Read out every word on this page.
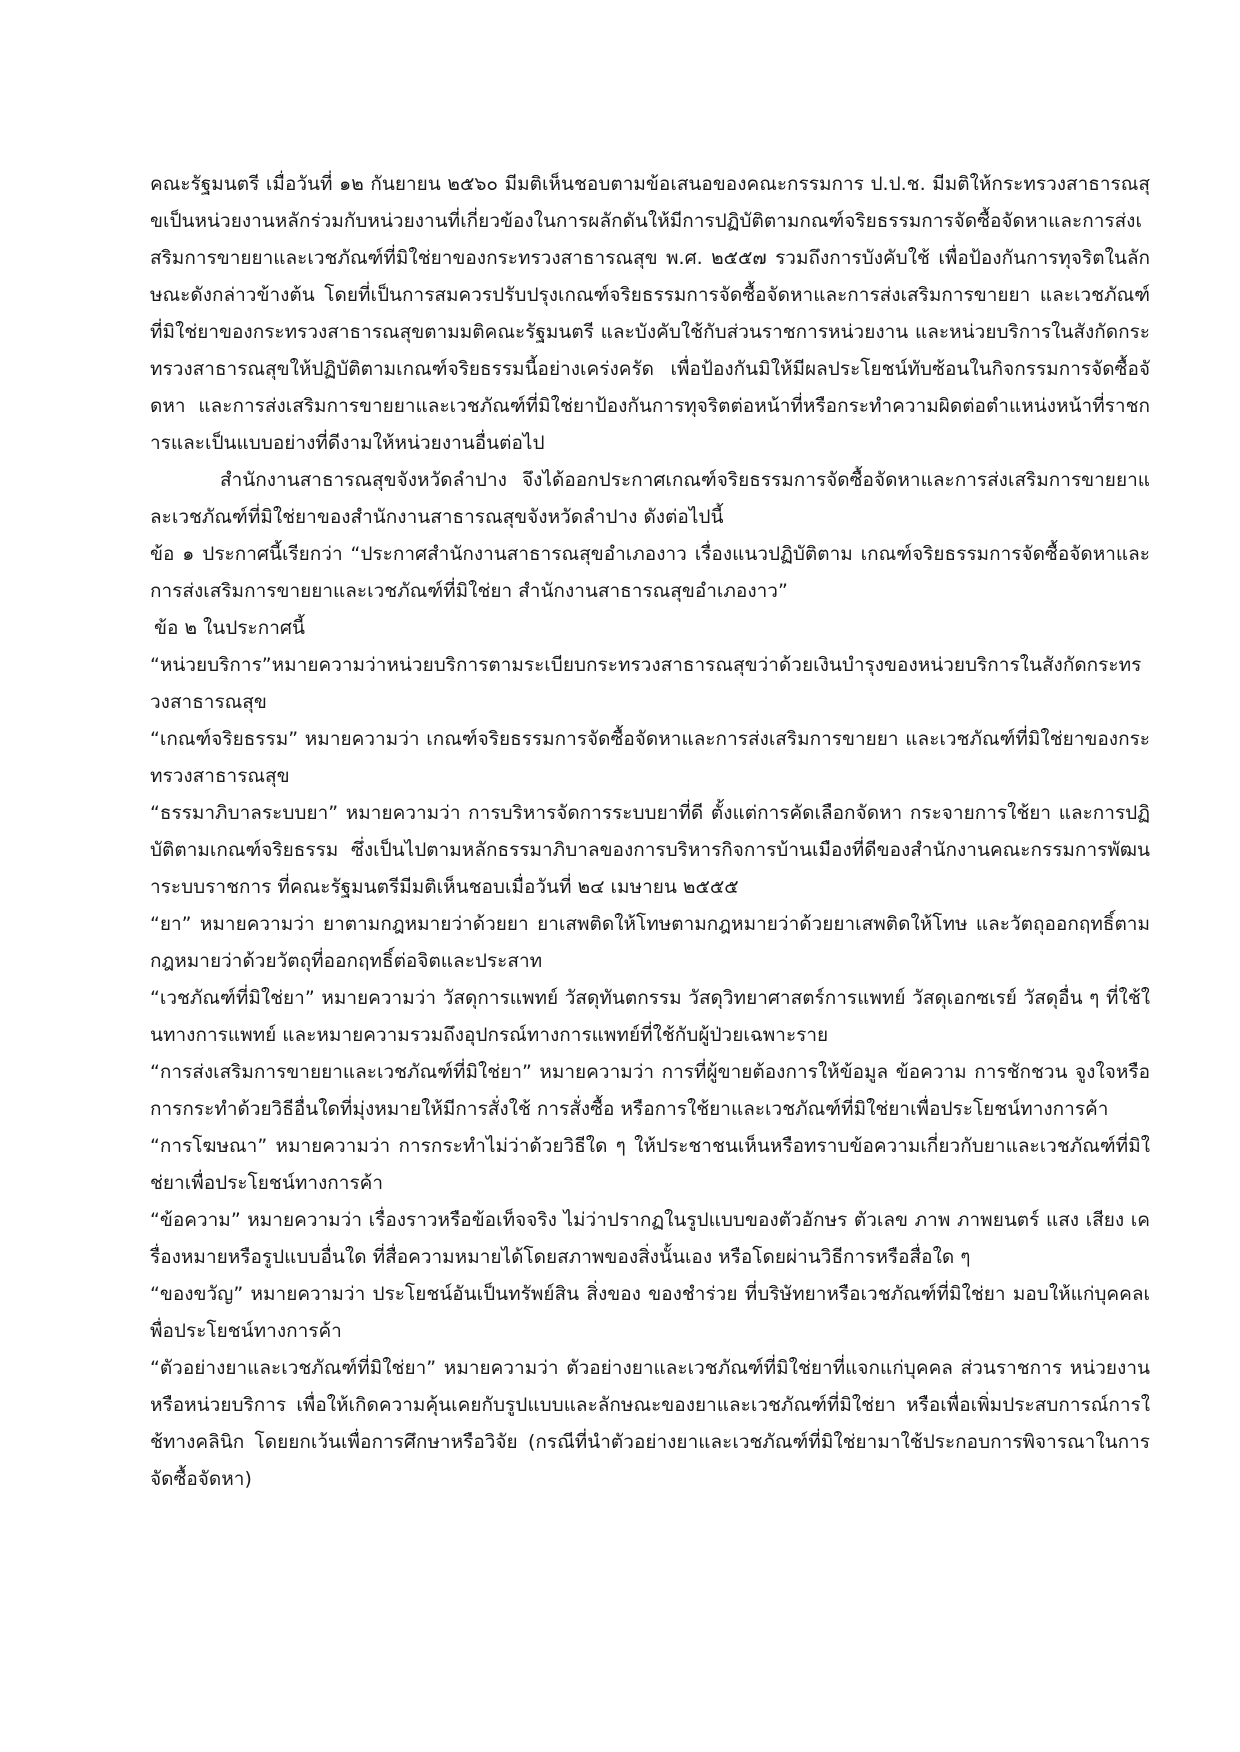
คณะรัฐมนตรี เมื่อวันที่ ๑๒ กันยายน ๒๕๖๐ มีมติเห็นชอบตามข้อเสนอของคณะกรรมการ ป.ป.ช. มีมติให้กระทรวงสาธารณสุขเป็นหน่วยงานหลักร่วมกับหน่วยงานที่เกี่ยวข้องในการผลักดันให้มีการปฏิบัติตามกณฑ์จริยธรรมการจัดซื้อจัดหาและการส่งเสริมการขายยาและเวชภัณฑ์ที่มิใช่ยาของกระทรวงสาธารณสุข พ.ศ. ๒๕๕๗ รวมถึงการบังคับใช้ เพื่อป้องกันการทุจริตในลักษณะดังกล่าวข้างต้น โดยที่เป็นการสมควรปรับปรุงเกณฑ์จริยธรรมการจัดซื้อจัดหาและการส่งเสริมการขายยา และเวชภัณฑ์ที่มิใช่ยาของกระทรวงสาธารณสุขตามมติคณะรัฐมนตรี และบังคับใช้กับส่วนราชการหน่วยงาน และหน่วยบริการในสังกัดกระทรวงสาธารณสุขให้ปฏิบัติตามเกณฑ์จริยธรรมนี้อย่างเคร่งครัด เพื่อป้องกันมิให้มีผลประโยชน์ทับซ้อนในกิจกรรมการจัดซื้อจัดหา และการส่งเสริมการขายยาและเวชภัณฑ์ที่มิใช่ยาป้องกันการทุจริตต่อหน้าที่หรือกระทำความผิดต่อตำแหน่งหน้าที่ราชการและเป็นแบบอย่างที่ดีงามให้หน่วยงานอื่นต่อไป

สำนักงานสาธารณสุขจังหวัดลำปาง จึงได้ออกประกาศเกณฑ์จริยธรรมการจัดซื้อจัดหาและการส่งเสริมการขายยาและเวชภัณฑ์ที่มิใช่ยาของสำนักงานสาธารณสุขจังหวัดลำปาง ดังต่อไปนี้

ข้อ ๑ ประกาศนี้เรียกว่า “ประกาศสำนักงานสาธารณสุขอำเภองาว เรื่องแนวปฏิบัติตาม เกณฑ์จริยธรรมการจัดซื้อจัดหาและการส่งเสริมการขายยาและเวชภัณฑ์ที่มิใช่ยา สำนักงานสาธารณสุขอำเภองาว”

ข้อ ๒ ในประกาศนี้

“หน่วยบริการ”หมายความว่าหน่วยบริการตามระเบียบกระทรวงสาธารณสุขว่าด้วยเงินบำรุงของหน่วยบริการในสังกัดกระทรวงสาธารณสุข

“เกณฑ์จริยธรรม” หมายความว่า เกณฑ์จริยธรรมการจัดซื้อจัดหาและการส่งเสริมการขายยา และเวชภัณฑ์ที่มิใช่ยาของกระทรวงสาธารณสุข

“ธรรมาภิบาลระบบยา” หมายความว่า การบริหารจัดการระบบยาที่ดี ตั้งแต่การคัดเลือกจัดหา กระจายการใช้ยา และการปฏิบัติตามเกณฑ์จริยธรรม ซึ่งเป็นไปตามหลักธรรมาภิบาลของการบริหารกิจการบ้านเมืองที่ดีของสำนักงานคณะกรรมการพัฒนาระบบราชการ ที่คณะรัฐมนตรีมีมติเห็นชอบเมื่อวันที่ ๒๔ เมษายน ๒๕๕๕

“ยา” หมายความว่า ยาตามกฎหมายว่าด้วยยา ยาเสพติดให้โทษตามกฎหมายว่าด้วยยาเสพติดให้โทษ และวัตถุออกฤทธิ์ตามกฎหมายว่าด้วยวัตถุที่ออกฤทธิ์ต่อจิตและประสาท

“เวชภัณฑ์ที่มิใช่ยา” หมายความว่า วัสดุการแพทย์ วัสดุทันตกรรม วัสดุวิทยาศาสตร์การแพทย์ วัสดุเอกซเรย์ วัสดุอื่น ๆ ที่ใช้ในทางการแพทย์ และหมายความรวมถึงอุปกรณ์ทางการแพทย์ที่ใช้กับผู้ป่วยเฉพาะราย

“การส่งเสริมการขายยาและเวชภัณฑ์ที่มิใช่ยา” หมายความว่า การที่ผู้ขายต้องการให้ข้อมูล ข้อความ การชักชวน จูงใจหรือการกระทำด้วยวิธีอื่นใดที่มุ่งหมายให้มีการสั่งใช้ การสั่งซื้อ หรือการใช้ยาและเวชภัณฑ์ที่มิใช่ยาเพื่อประโยชน์ทางการค้า

“การโฆษณา” หมายความว่า การกระทำไม่ว่าด้วยวิธีใด ๆ ให้ประชาชนเห็นหรือทราบข้อความเกี่ยวกับยาและเวชภัณฑ์ที่มิใช่ยาเพื่อประโยชน์ทางการค้า

“ข้อความ” หมายความว่า เรื่องราวหรือข้อเท็จจริง ไม่ว่าปรากฏในรูปแบบของตัวอักษร ตัวเลข ภาพ ภาพยนตร์ แสง เสียง เครื่องหมายหรือรูปแบบอื่นใด ที่สื่อความหมายได้โดยสภาพของสิ่งนั้นเอง หรือโดยผ่านวิธีการหรือสื่อใด ๆ

“ของขวัญ” หมายความว่า ประโยชน์อันเป็นทรัพย์สิน สิ่งของ ของชำร่วย ที่บริษัทยาหรือเวชภัณฑ์ที่มิใช่ยา มอบให้แก่บุคคลเพื่อประโยชน์ทางการค้า

“ตัวอย่างยาและเวชภัณฑ์ที่มิใช่ยา” หมายความว่า ตัวอย่างยาและเวชภัณฑ์ที่มิใช่ยาที่แจกแก่บุคคล ส่วนราชการ หน่วยงาน หรือหน่วยบริการ เพื่อให้เกิดความคุ้นเคยกับรูปแบบและลักษณะของยาและเวชภัณฑ์ที่มิใช่ยา หรือเพื่อเพิ่มประสบการณ์การใช้ทางคลินิก โดยยกเว้นเพื่อการศึกษาหรือวิจัย (กรณีที่นำตัวอย่างยาและเวชภัณฑ์ที่มิใช่ยามาใช้ประกอบการพิจารณาในการจัดซื้อจัดหา)
